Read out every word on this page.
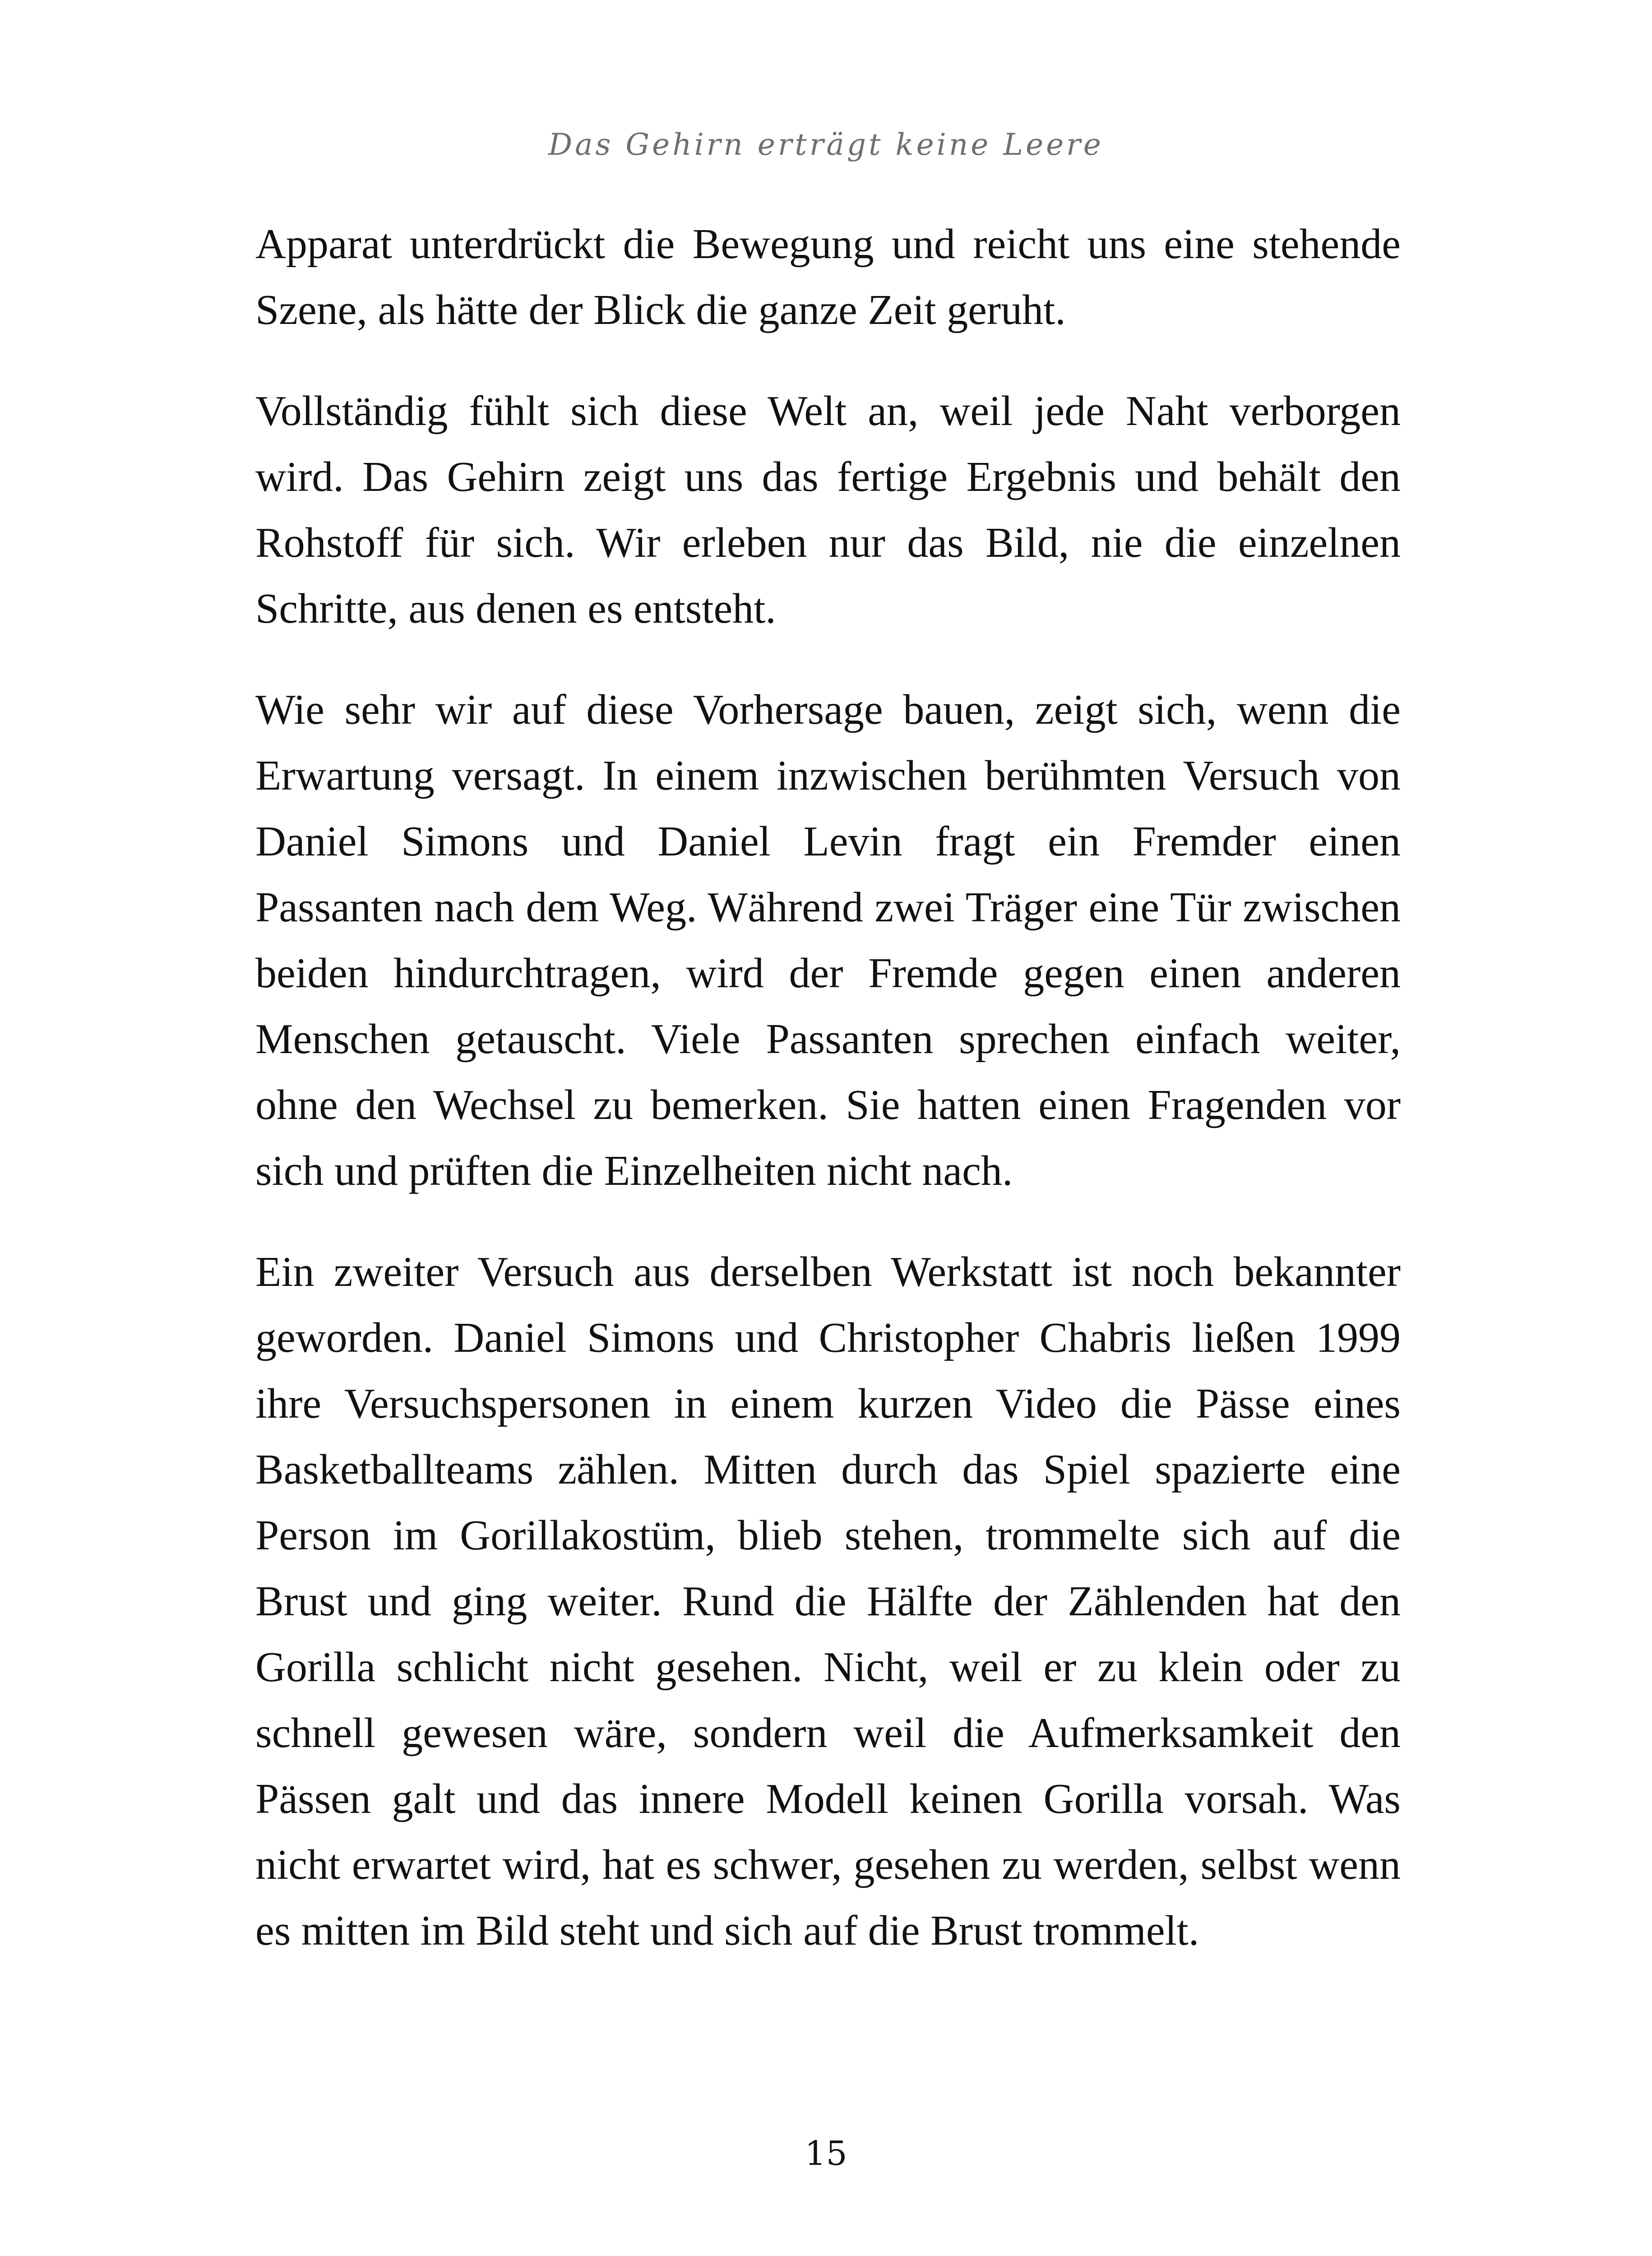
Das Gehirn erträgt keine Leere

Apparat unterdrückt die Bewegung und reicht uns eine stehende Szene, als hätte der Blick die ganze Zeit geruht.

Vollständig fühlt sich diese Welt an, weil jede Naht verborgen wird. Das Gehirn zeigt uns das fertige Ergebnis und behält den Rohstoff für sich. Wir erleben nur das Bild, nie die einzelnen Schritte, aus denen es entsteht.

Wie sehr wir auf diese Vorhersage bauen, zeigt sich, wenn die Erwartung versagt. In einem inzwischen berühmten Versuch von Daniel Simons und Daniel Levin fragt ein Fremder einen Passanten nach dem Weg. Während zwei Träger eine Tür zwischen beiden hindurchtragen, wird der Fremde gegen einen anderen Menschen getauscht. Viele Passanten sprechen einfach weiter, ohne den Wechsel zu bemerken. Sie hatten einen Fragenden vor sich und prüften die Einzelheiten nicht nach.

Ein zweiter Versuch aus derselben Werkstatt ist noch bekannter geworden. Daniel Simons und Christopher Chabris ließen 1999 ihre Versuchspersonen in einem kurzen Video die Pässe eines Basketballteams zählen. Mitten durch das Spiel spazierte eine Person im Gorillakostüm, blieb stehen, trommelte sich auf die Brust und ging weiter. Rund die Hälfte der Zählenden hat den Gorilla schlicht nicht gesehen. Nicht, weil er zu klein oder zu schnell gewesen wäre, sondern weil die Aufmerksamkeit den Pässen galt und das innere Modell keinen Gorilla vorsah. Was nicht erwartet wird, hat es schwer, gesehen zu werden, selbst wenn es mitten im Bild steht und sich auf die Brust trommelt.

15
